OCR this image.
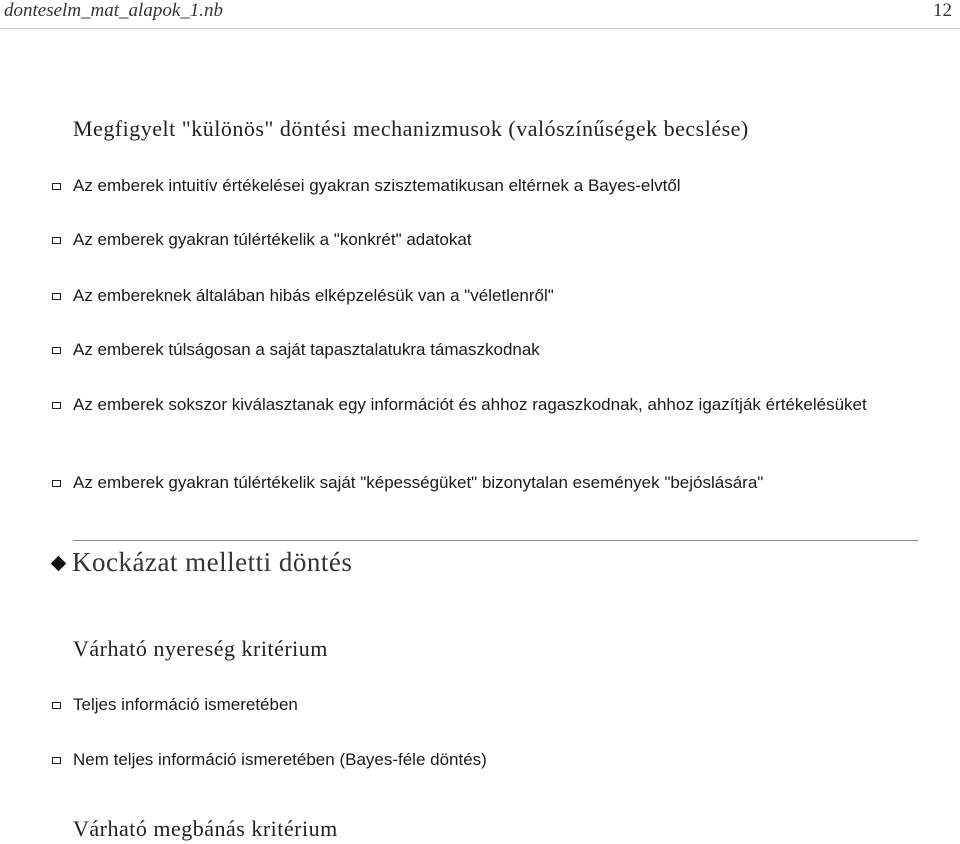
donteselm_mat_alapok_1.nb	12
Megfigyelt "különös" döntési mechanizmusok (valószínűségek becslése)
Az emberek intuitív értékelései gyakran szisztematikusan eltérnek a Bayes-elvtől
Az emberek gyakran túlértékelik a "konkrét" adatokat
Az embereknek általában hibás elképzelésük van a "véletlenről"
Az emberek túlságosan a saját tapasztalatukra támaszkodnak
Az emberek sokszor kiválasztanak egy információt és ahhoz ragaszkodnak, ahhoz igazítják értékelésüket
Az emberek gyakran túlértékelik saját "képességüket" bizonytalan események "bejóslására"
Kockázat melletti döntés
Várható nyereség kritérium
Teljes információ ismeretében
Nem teljes információ ismeretében (Bayes-féle döntés)
Várható megbánás kritérium
